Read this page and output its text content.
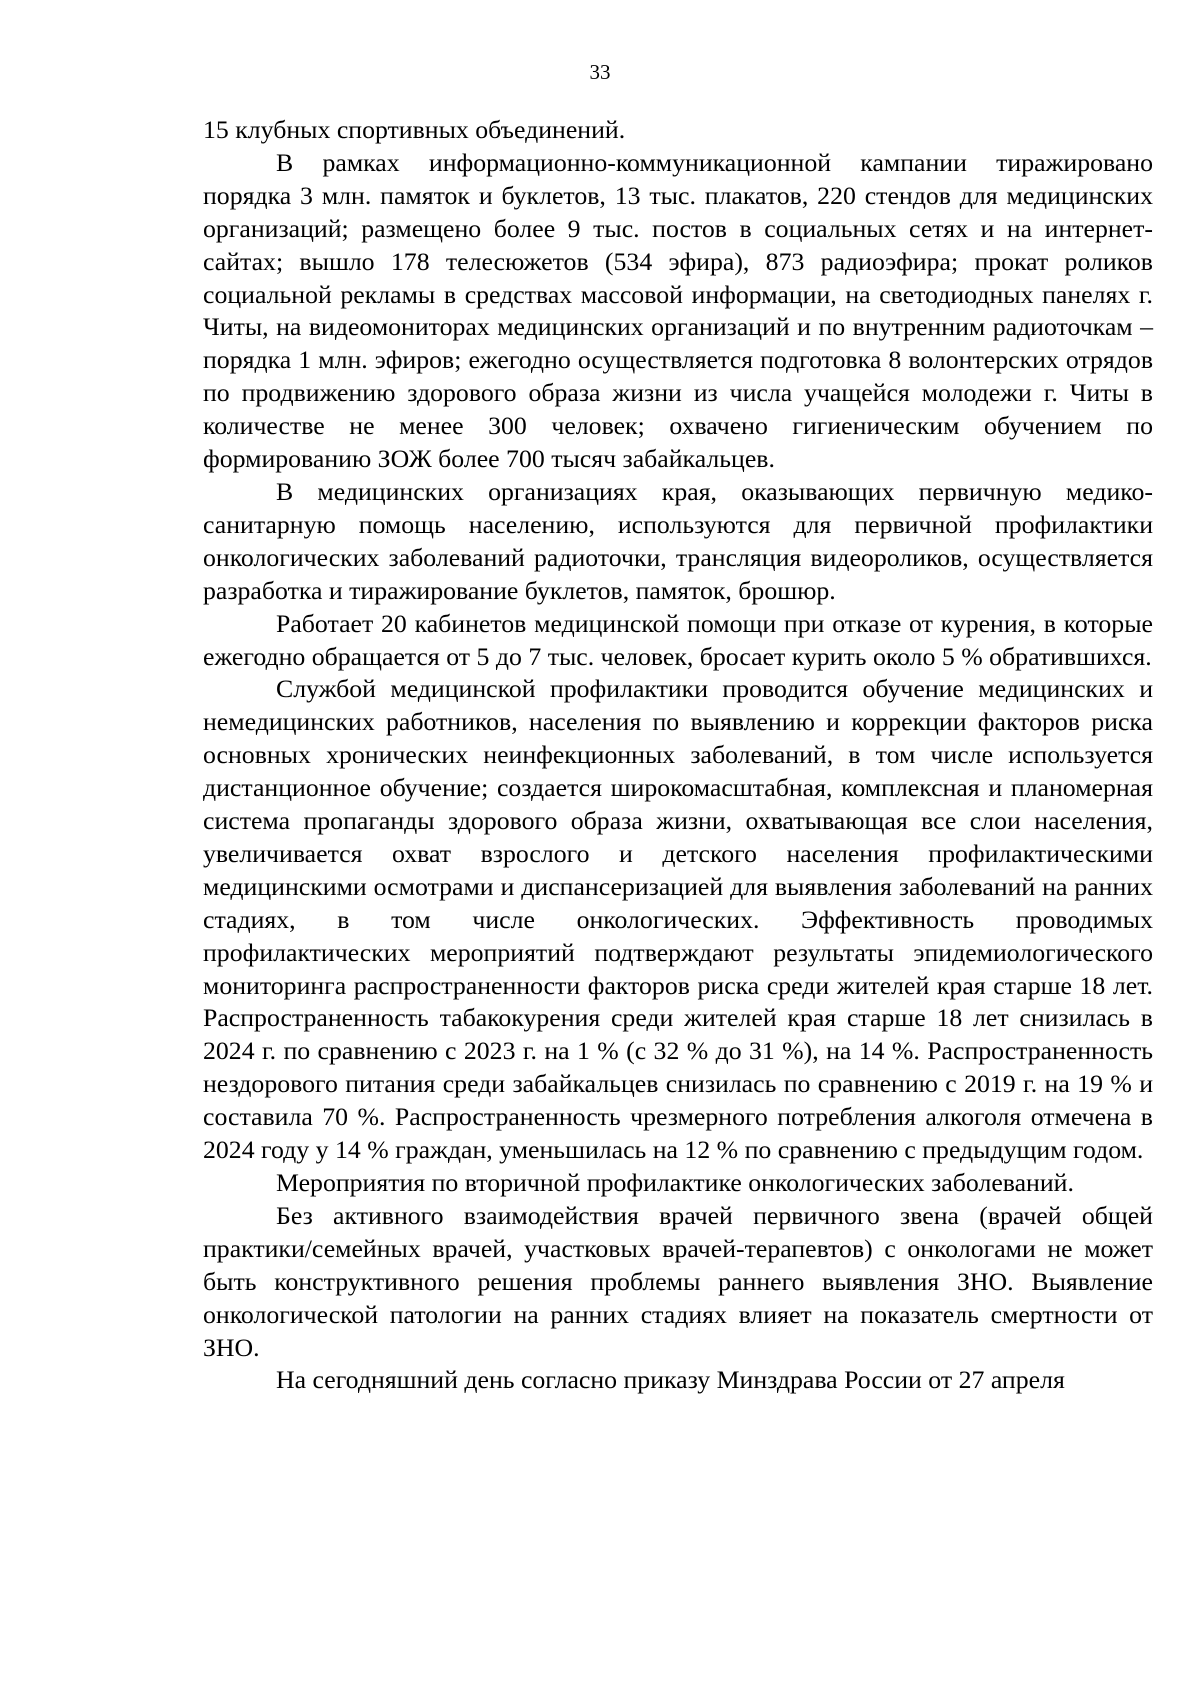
33

15 клубных спортивных объединений.

В рамках информационно-коммуникационной кампании тиражировано порядка 3 млн. памяток и буклетов, 13 тыс. плакатов, 220 стендов для медицинских организаций; размещено более 9 тыс. постов в социальных сетях и на интернет-сайтах; вышло 178 телесюжетов (534 эфира), 873 радиоэфира; прокат роликов социальной рекламы в средствах массовой информации, на светодиодных панелях г. Читы, на видеомониторах медицинских организаций и по внутренним радиоточкам – порядка 1 млн. эфиров; ежегодно осуществляется подготовка 8 волонтерских отрядов по продвижению здорового образа жизни из числа учащейся молодежи г. Читы в количестве не менее 300 человек; охвачено гигиеническим обучением по формированию ЗОЖ более 700 тысяч забайкальцев.

В медицинских организациях края, оказывающих первичную медико-санитарную помощь населению, используются для первичной профилактики онкологических заболеваний радиоточки, трансляция видеороликов, осуществляется разработка и тиражирование буклетов, памяток, брошюр.

Работает 20 кабинетов медицинской помощи при отказе от курения, в которые ежегодно обращается от 5 до 7 тыс. человек, бросает курить около 5 % обратившихся.

Службой медицинской профилактики проводится обучение медицинских и немедицинских работников, населения по выявлению и коррекции факторов риска основных хронических неинфекционных заболеваний, в том числе используется дистанционное обучение; создается широкомасштабная, комплексная и планомерная система пропаганды здорового образа жизни, охватывающая все слои населения, увеличивается охват взрослого и детского населения профилактическими медицинскими осмотрами и диспансеризацией для выявления заболеваний на ранних стадиях, в том числе онкологических. Эффективность проводимых профилактических мероприятий подтверждают результаты эпидемиологического мониторинга распространенности факторов риска среди жителей края старше 18 лет. Распространенность табакокурения среди жителей края старше 18 лет снизилась в 2024 г. по сравнению с 2023 г. на 1 % (с 32 % до 31 %), на 14 %. Распространенность нездорового питания среди забайкальцев снизилась по сравнению с 2019 г. на 19 % и составила 70 %. Распространенность чрезмерного потребления алкоголя отмечена в 2024 году у 14 % граждан, уменьшилась на 12 % по сравнению с предыдущим годом.

Мероприятия по вторичной профилактике онкологических заболеваний.

Без активного взаимодействия врачей первичного звена (врачей общей практики/семейных врачей, участковых врачей-терапевтов) с онкологами не может быть конструктивного решения проблемы раннего выявления ЗНО. Выявление онкологической патологии на ранних стадиях влияет на показатель смертности от ЗНО.

На сегодняшний день согласно приказу Минздрава России от 27 апреля
